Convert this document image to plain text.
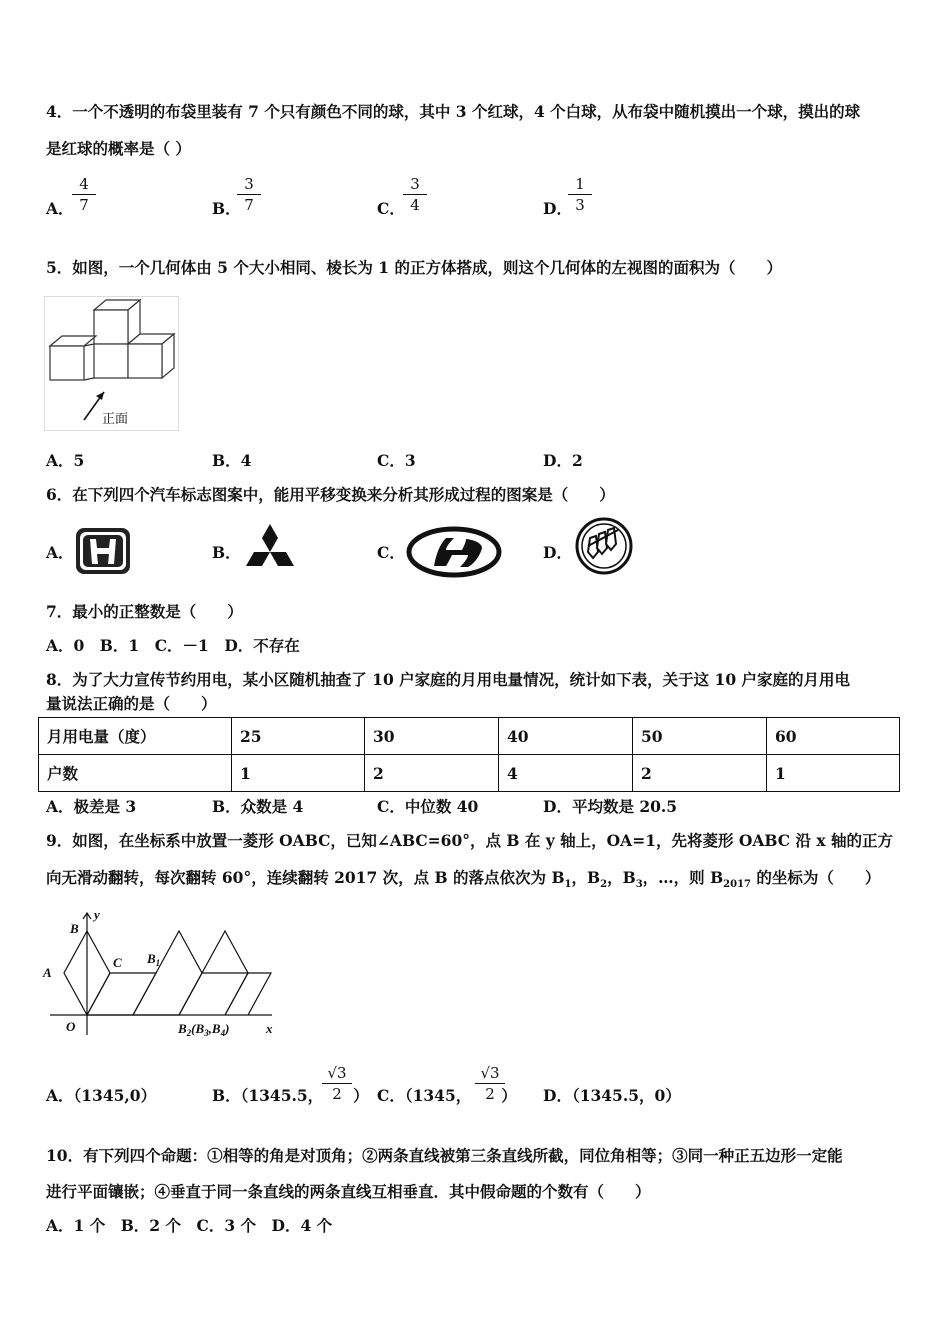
4．一个不透明的布袋里装有 7 个只有颜色不同的球，其中 3 个红球，4 个白球，从布袋中随机摸出一个球，摸出的球
是红球的概率是（ ）
A．
$\frac{4}{7}$	B．
$\frac{3}{7}$	C．
$\frac{3}{4}$	D．
$\frac{1}{3}$
5．如图，一个几何体由 5 个大小相同、棱长为 1 的正方体搭成，则这个几何体的左视图的面积为（　　）
正面
A．5	B．4	C．3	D．2
6．在下列四个汽车标志图案中，能用平移变换来分析其形成过程的图案是（　　）
A．	B．	C．	D．
7．最小的正整数是（　　）
A．0　B．1　C．－1　D．不存在
8．为了大力宣传节约用电，某小区随机抽查了 10 户家庭的月用电量情况，统计如下表，关于这 10 户家庭的月用电
量说法正确的是（　　）
月用电量（度）	25	30	40	50	60
户数	1	2	4	2	1
A．极差是 3	B．众数是 4	C．中位数 40	D．平均数是 20.5
9．如图，在坐标系中放置一菱形 OABC，已知∠ABC=60°，点 B 在 y 轴上，OA=1，先将菱形 OABC 沿 x 轴的正方
向无滑动翻转，每次翻转 60°，连续翻转 2017 次，点 B 的落点依次为 $B_1$，$B_2$，$B_3$，…，则 $B_{2017}$ 的坐标为（　　）
A
B
y
C
O
$B_1$
$B_2(B_3,B_4)$	x
A．（1345,0）	B．（1345.5， ）
$\frac{√3}{2}$ C．（1345， ）
$\frac{√3}{2}$ D．（1345.5，0）
10．有下列四个命题：①相等的角是对顶角；②两条直线被第三条直线所截，同位角相等；③同一种正五边形一定能
进行平面镶嵌；④垂直于同一条直线的两条直线互相垂直．其中假命题的个数有（　　）
A．1 个　B．2 个　C．3 个　D．4 个
